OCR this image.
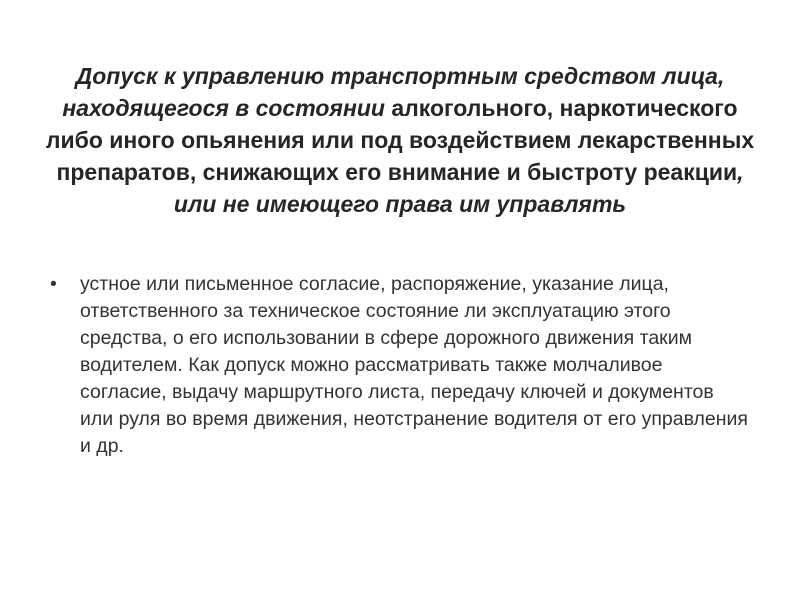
Допуск к управлению транспортным средством лица, находящегося в состоянии алкогольного, наркотического либо иного опьянения или под воздействием лекарственных препаратов, снижающих его внимание и быстроту реакции, или не имеющего права им управлять
• устное или письменное согласие, распоряжение, указание лица, ответственного за техническое состояние ли эксплуатацию этого средства, о его использовании в сфере дорожного движения таким водителем. Как допуск можно рассматривать также молчаливое согласие, выдачу маршрутного листа, передачу ключей и документов или руля во время движения, неотстранение водителя от его управления и др.
